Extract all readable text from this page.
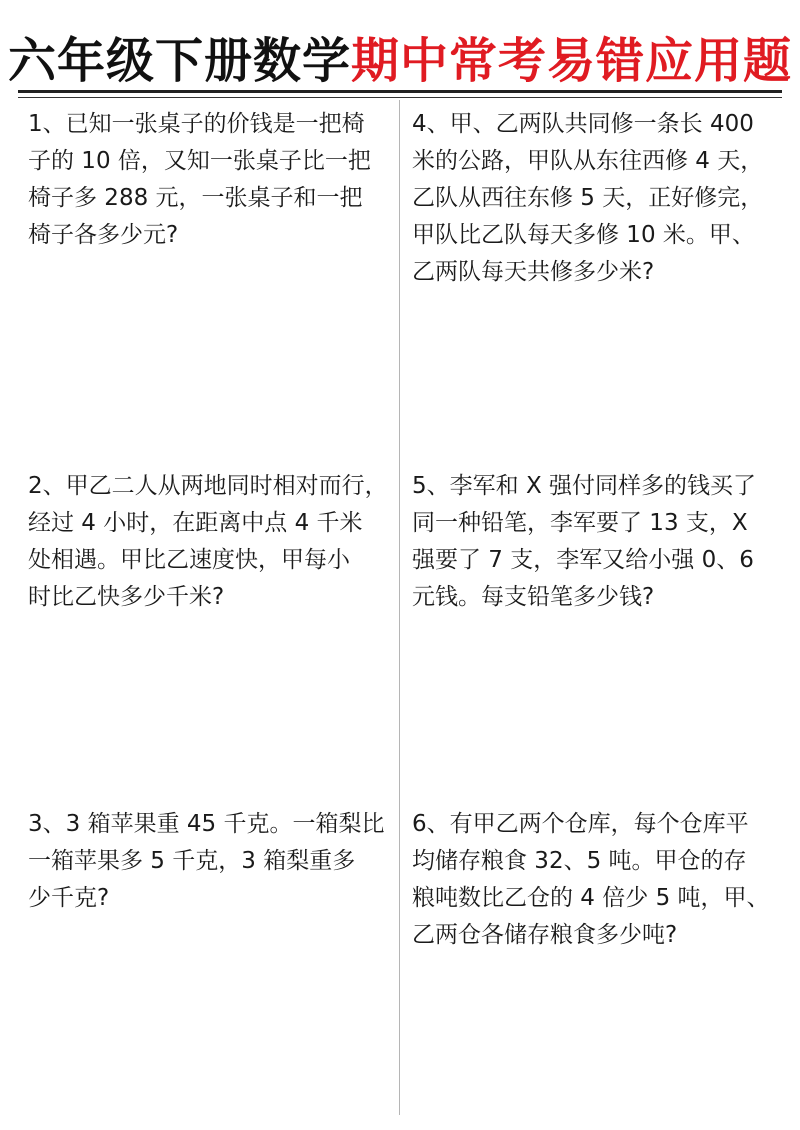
六年级下册数学期中常考易错应用题
1、已知一张桌子的价钱是一把椅
子的 10 倍，又知一张桌子比一把
椅子多 288 元，一张桌子和一把
椅子各多少元?
2、甲乙二人从两地同时相对而行，
经过 4 小时，在距离中点 4 千米
处相遇。甲比乙速度快，甲每小
时比乙快多少千米?
3、3 箱苹果重 45 千克。一箱梨比
一箱苹果多 5 千克，3 箱梨重多
少千克?
4、甲、乙两队共同修一条长 400
米的公路，甲队从东往西修 4 天，
乙队从西往东修 5 天，正好修完，
甲队比乙队每天多修 10 米。甲、
乙两队每天共修多少米?
5、李军和 X 强付同样多的钱买了
同一种铅笔，李军要了 13 支，X
强要了 7 支，李军又给小强 0、6
元钱。每支铅笔多少钱?
6、有甲乙两个仓库，每个仓库平
均储存粮食 32、5 吨。甲仓的存
粮吨数比乙仓的 4 倍少 5 吨，甲、
乙两仓各储存粮食多少吨?
